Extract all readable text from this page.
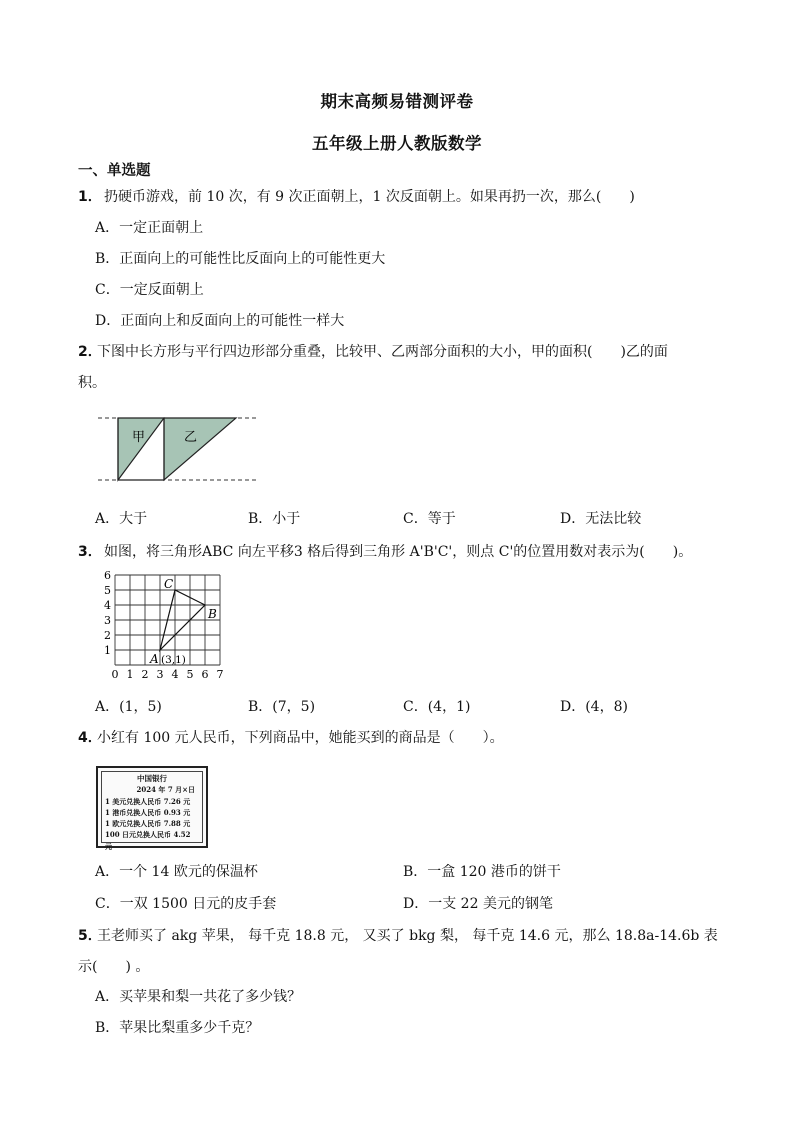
期末高频易错测评卷
五年级上册人教版数学
一、单选题
1． 扔硬币游戏，前 10 次，有 9 次正面朝上，1 次反面朝上。如果再扔一次，那么(　　)
A．一定正面朝上
B．正面向上的可能性比反面向上的可能性更大
C．一定反面朝上
D．正面向上和反面向上的可能性一样大
2．
下图中长方形与平行四边形部分重叠，比较甲、乙两部分面积的大小，甲的面积(　　)乙的面
积。
甲	乙
A．大于	B．小于	C．等于	D．无法比较
3． 如图，将三角形ABC 向左平移3 格后得到三角形 A'B'C'，则点 C'的位置用数对表示为(　　)。
0 1 2 3 4 5 6 7
1
2
3
4
5
6
A (3,1)
B
C
A．(1，5)	B．(7，5)	C．(4，1)	D．(4，8)
4．
小红有 100 元人民币，下列商品中，她能买到的商品是（　　）。
中国银行
2024 年 7 月×日
1 美元兑换人民币 7.26 元
1 港币兑换人民币 0.93 元
1 欧元兑换人民币 7.88 元
100 日元兑换人民币 4.52 元
A．一个 14 欧元的保温杯	B．一盒 120 港币的饼干
C．一双 1500 日元的皮手套	D．一支 22 美元的钢笔
5．
王老师买了 akg 苹果， 每千克 18.8 元， 又买了 bkg 梨， 每千克 14.6 元，那么 18.8a-14.6b 表
示(　　) 。
A．买苹果和梨一共花了多少钱？
B．苹果比梨重多少千克？
